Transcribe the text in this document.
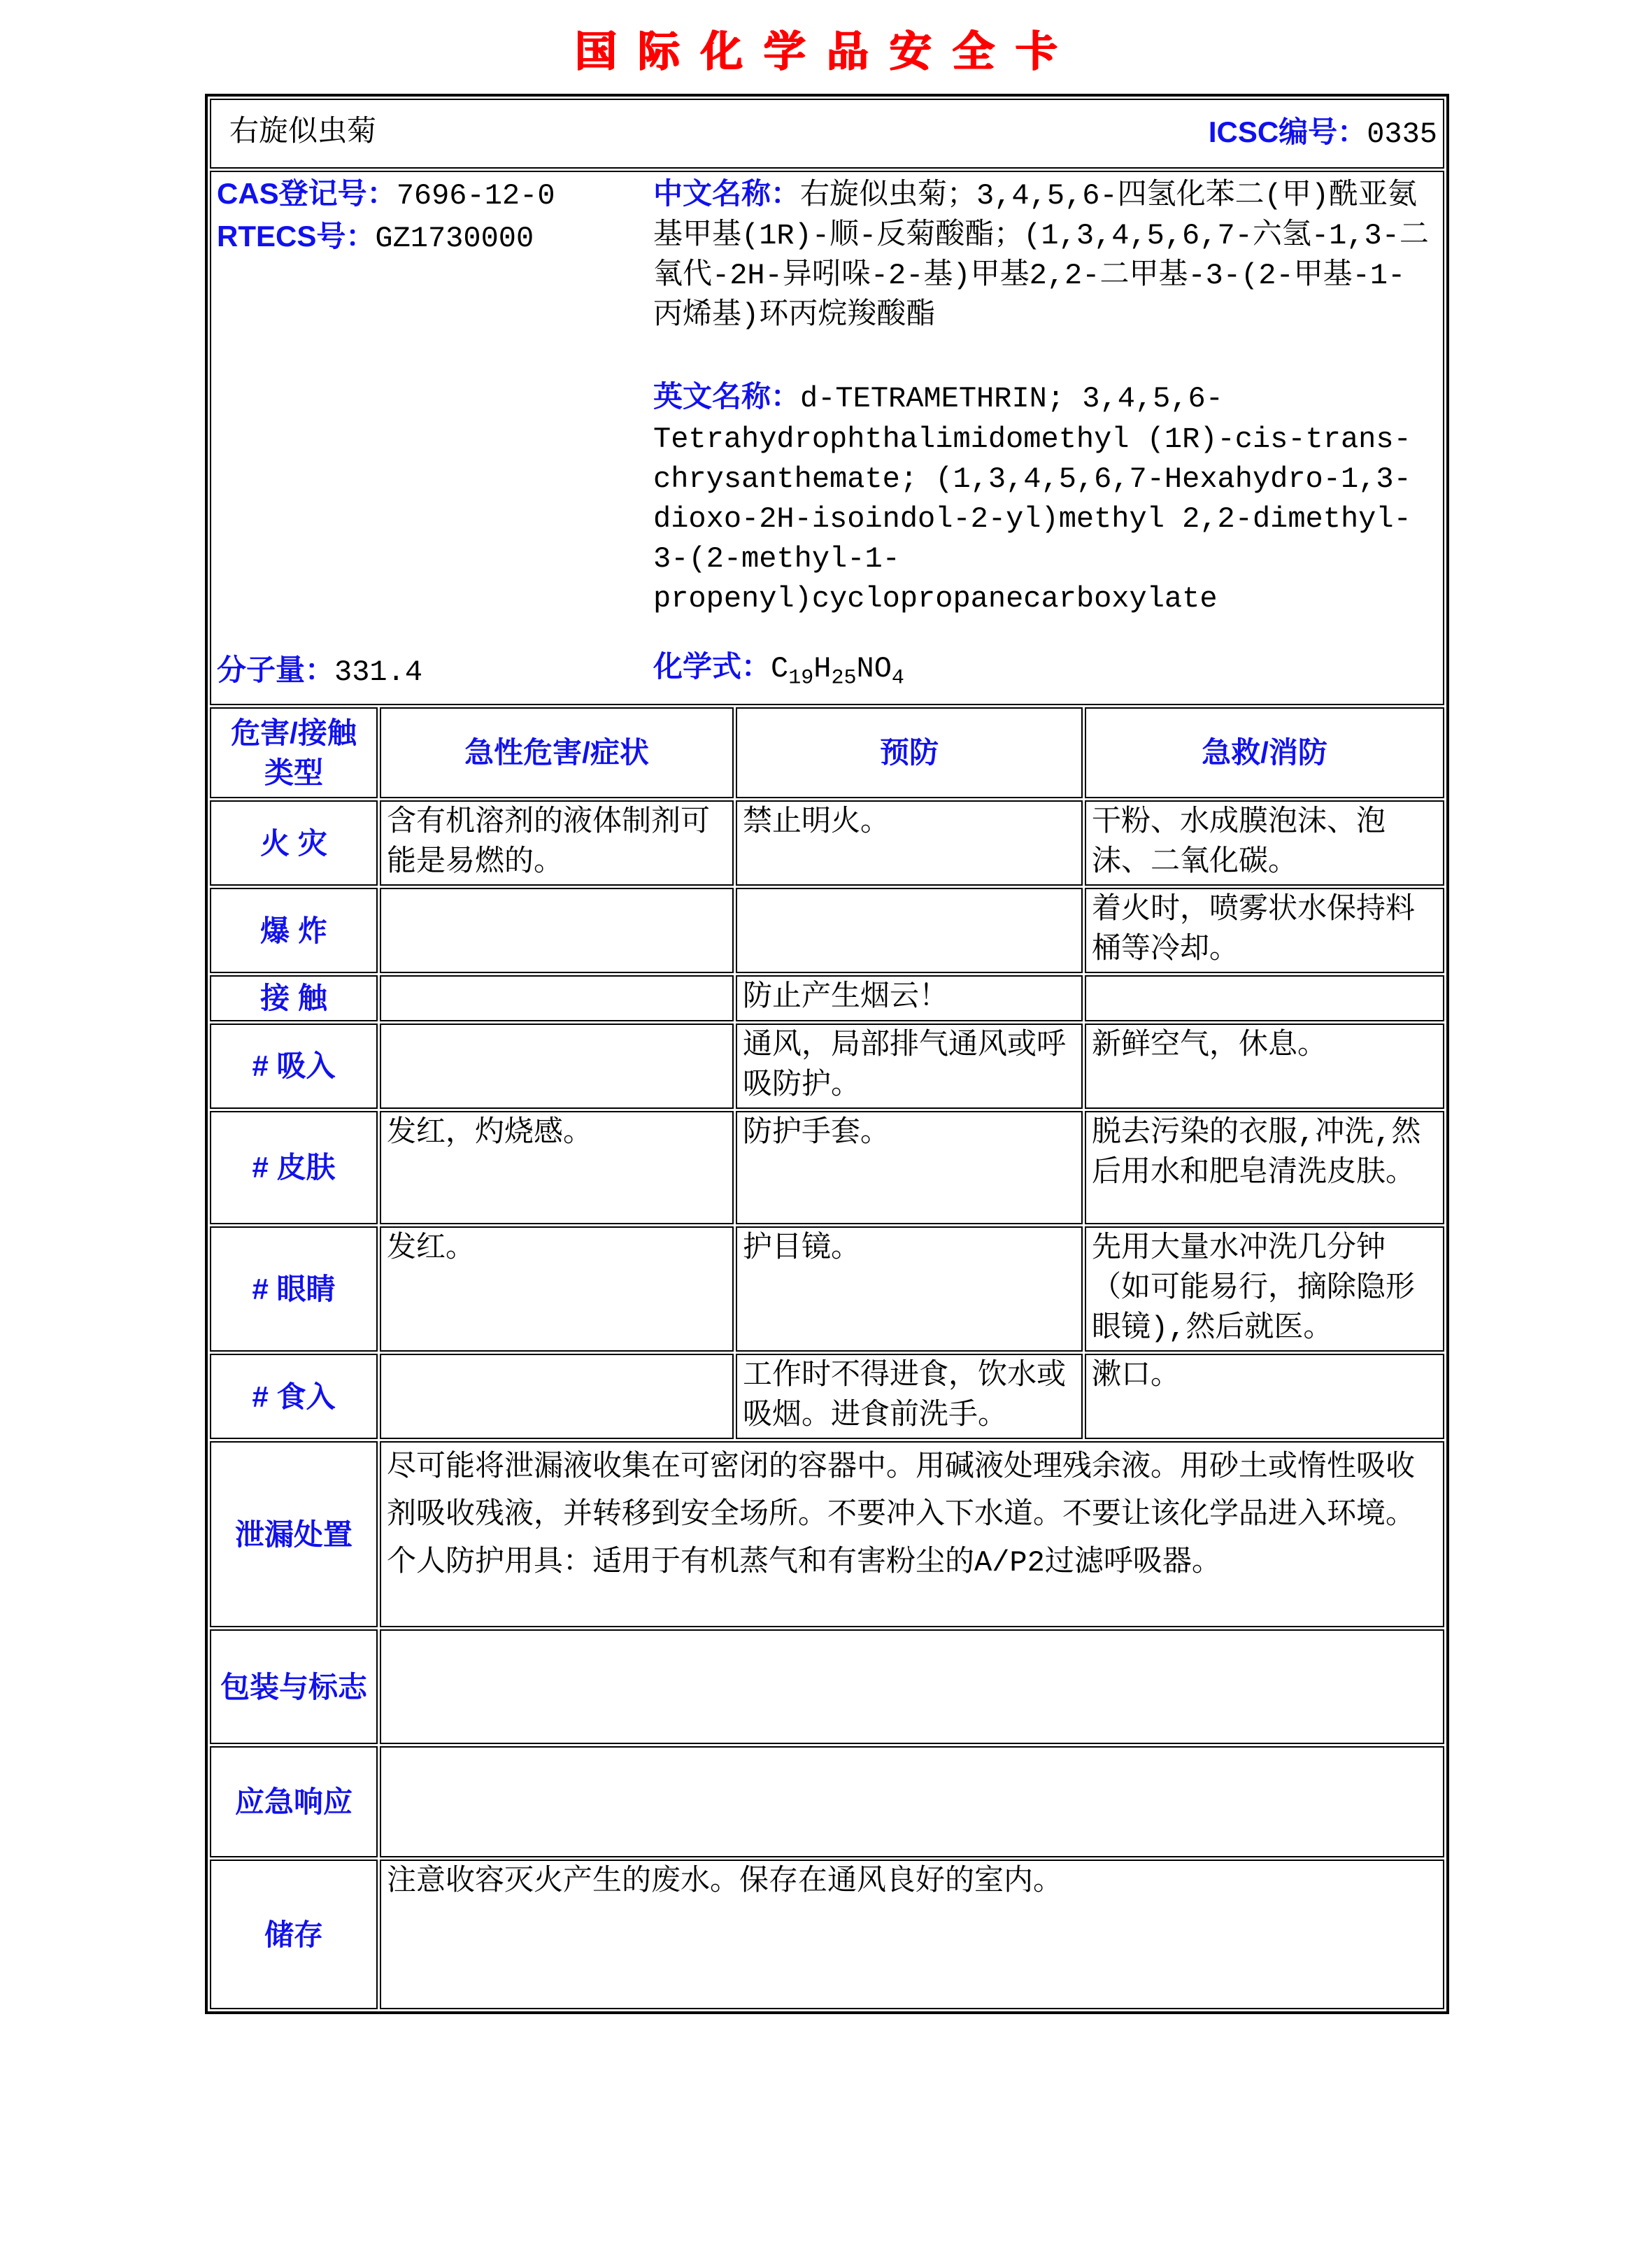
国际化学品安全卡
右旋似虫菊 ICSC编号：0335			

CAS登记号：7696-12-0
RTECS号：GZ1730000
分子量：331.4
中文名称：右旋似虫菊；3,4,5,6-四氢化苯二(甲)酰亚氨基甲基(1R)-顺-反菊酸酯；(1,3,4,5,6,7-六氢-1,3-二氧代-2H-异吲哚-2-基)甲基2,2-二甲基-3-(2-甲基-1-丙烯基)环丙烷羧酸酯
英文名称：d-TETRAMETHRIN; 3,4,5,6-Tetrahydrophthalimidomethyl (1R)-cis-trans-chrysanthemate; (1,3,4,5,6,7-Hexahydro-1,3-dioxo-2H-isoindol-2-yl)methyl 2,2-dimethyl-3-(2-methyl-1-propenyl)cyclopropanecarboxylate
化学式：$C_{19}H_{25}NO_4$

危害/接触类型	急性危害/症状	预防	急救/消防
火 灾	含有机溶剂的液体制剂可能是易燃的。	禁止明火。	干粉、水成膜泡沫、泡沫、二氧化碳。
爆 炸			着火时，喷雾状水保持料桶等冷却。
接 触		防止产生烟云！	
# 吸入		通风，局部排气通风或呼吸防护。	新鲜空气，休息。
# 皮肤	发红，灼烧感。	防护手套。	脱去污染的衣服,冲洗,然后用水和肥皂清洗皮肤。
# 眼睛	发红。	护目镜。	先用大量水冲洗几分钟（如可能易行，摘除隐形眼镜),然后就医。
# 食入		工作时不得进食，饮水或吸烟。进食前洗手。	漱口。
泄漏处置	尽可能将泄漏液收集在可密闭的容器中。用碱液处理残余液。用砂土或惰性吸收剂吸收残液，并转移到安全场所。不要冲入下水道。不要让该化学品进入环境。个人防护用具：适用于有机蒸气和有害粉尘的A/P2过滤呼吸器。		
包装与标志			
应急响应			
储存	注意收容灭火产生的废水。保存在通风良好的室内。		
